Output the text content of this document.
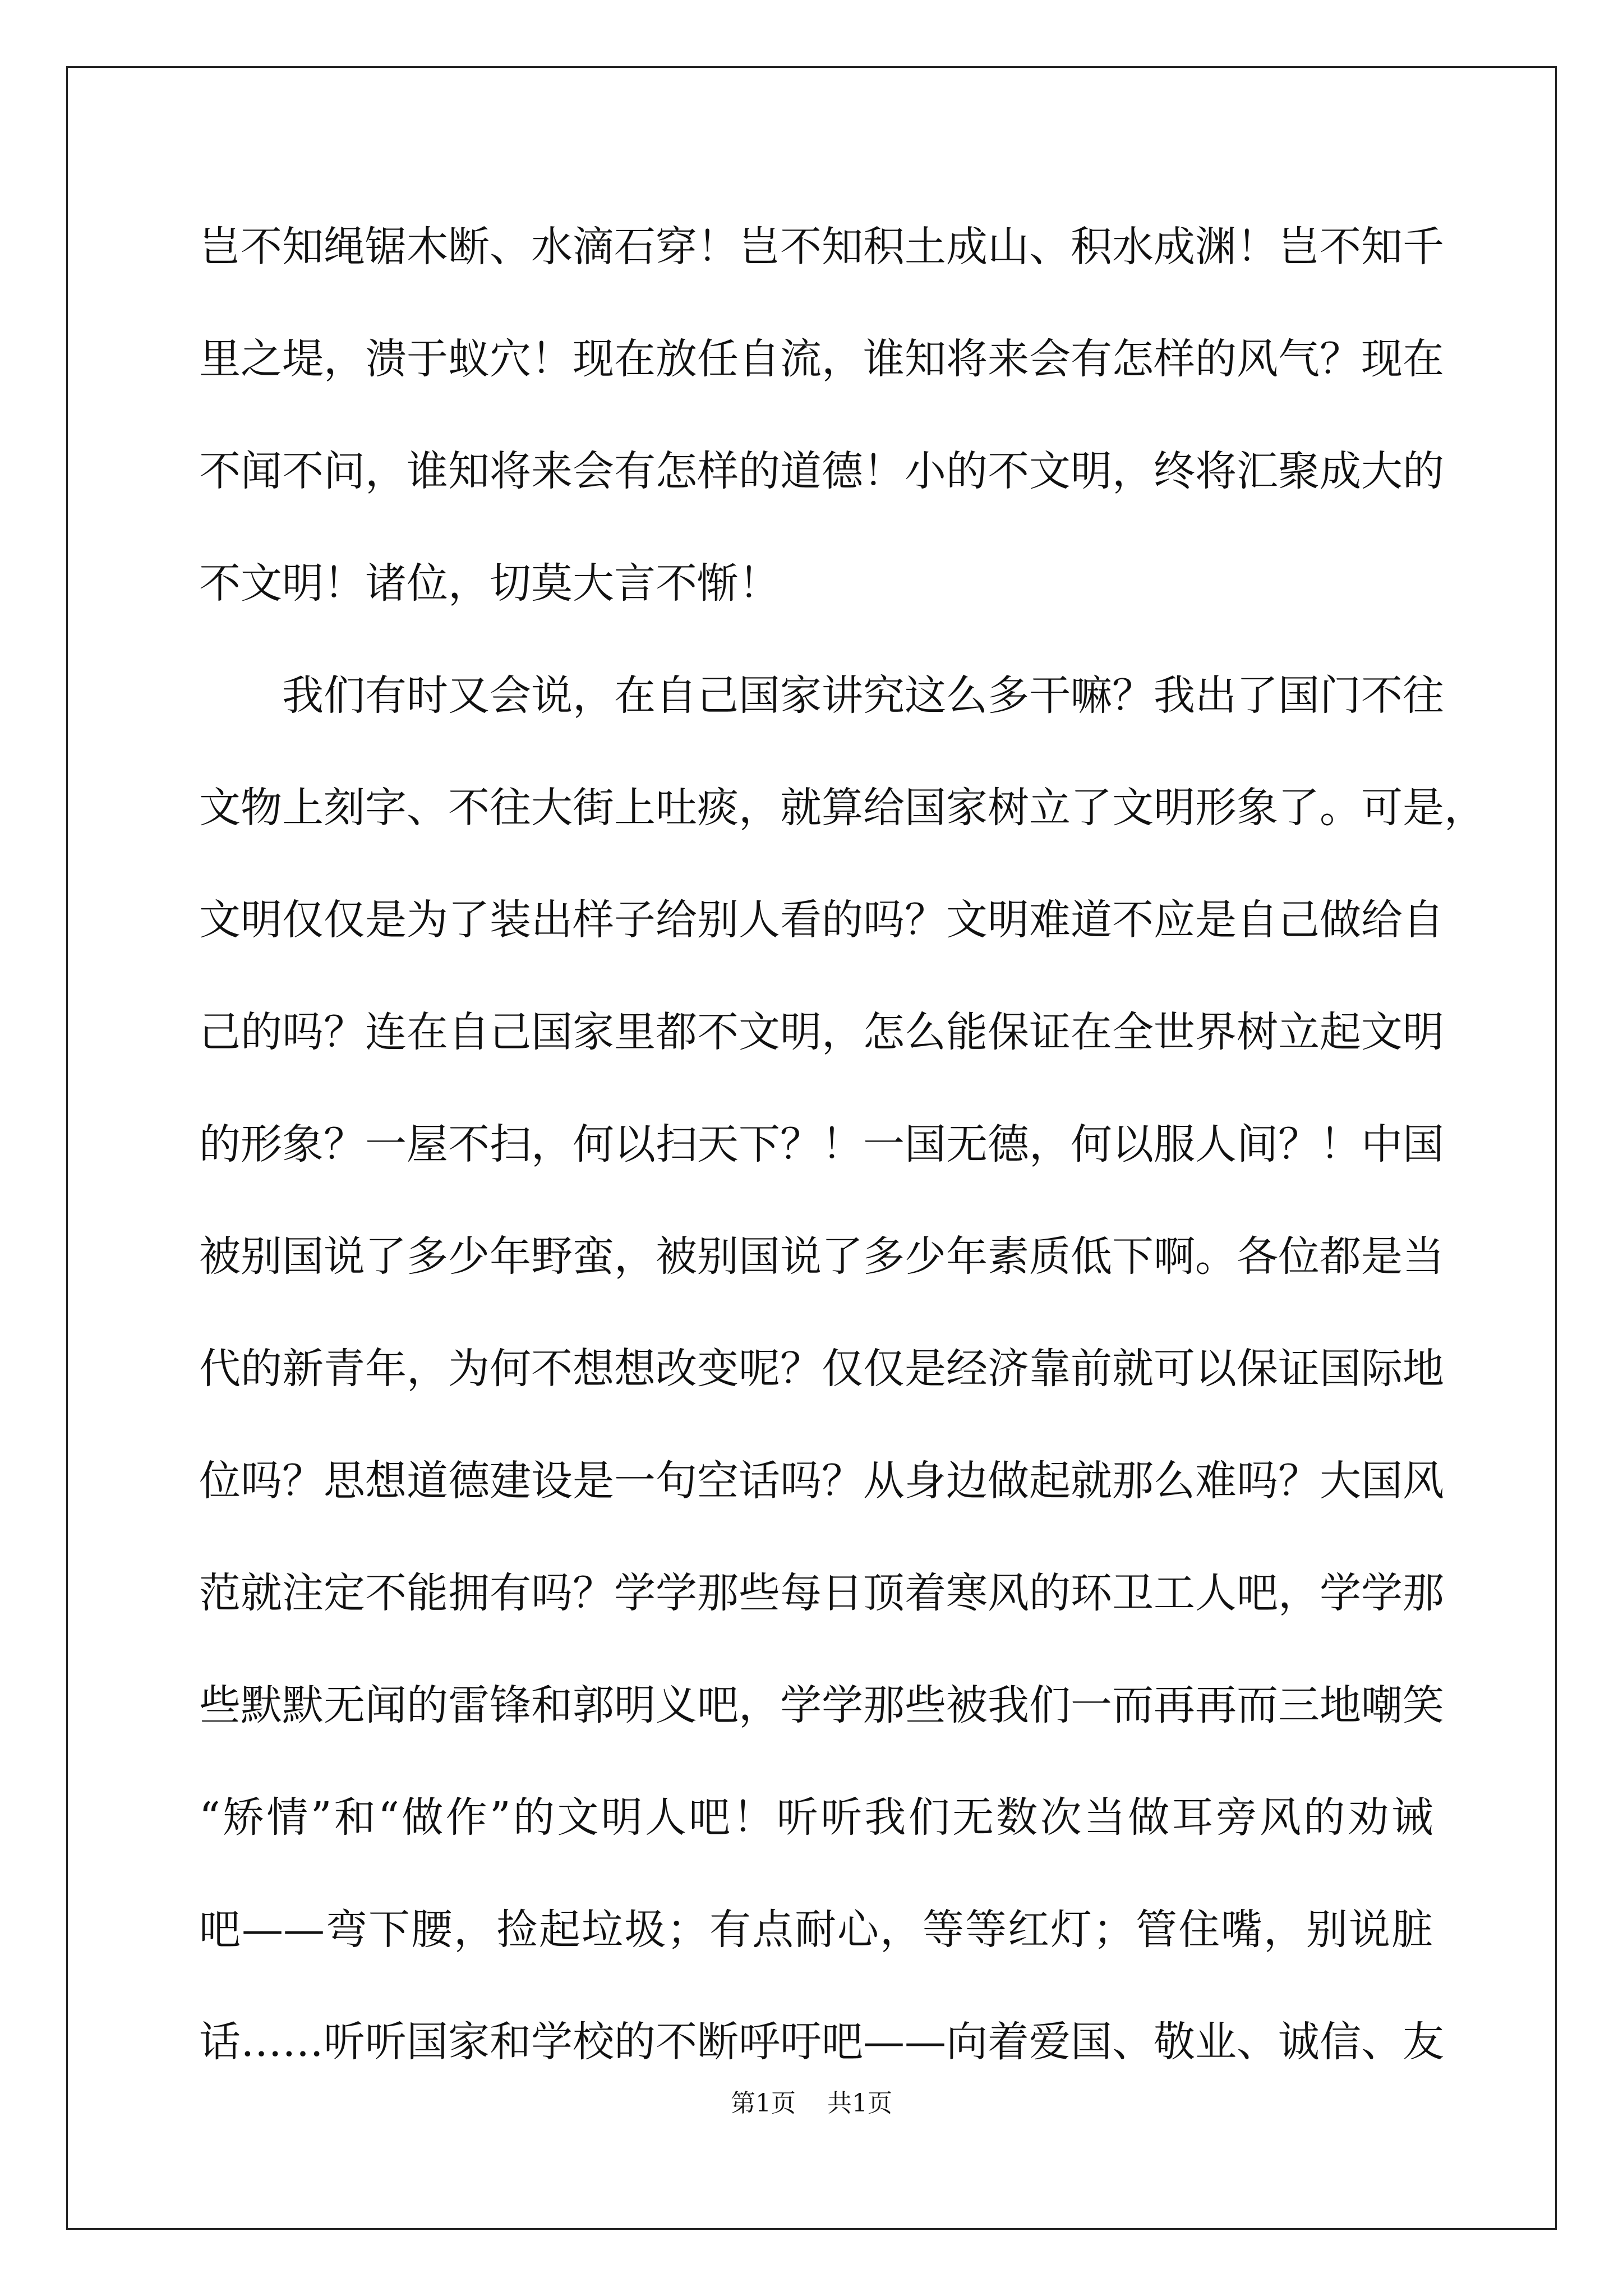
岂不知绳锯木断、水滴石穿！岂不知积土成山、积水成渊！岂不知千
里之堤，溃于蚁穴！现在放任自流，谁知将来会有怎样的风气？现在
不闻不问，谁知将来会有怎样的道德！小的不文明，终将汇聚成大的
不文明！诸位，切莫大言不惭！
我们有时又会说，在自己国家讲究这么多干嘛？我出了国门不往
文物上刻字、不往大街上吐痰，就算给国家树立了文明形象了。可是，
文明仅仅是为了装出样子给别人看的吗？文明难道不应是自己做给自
己的吗？连在自己国家里都不文明，怎么能保证在全世界树立起文明
的形象？一屋不扫，何以扫天下？！一国无德，何以服人间？！中国
被别国说了多少年野蛮，被别国说了多少年素质低下啊。各位都是当
代的新青年，为何不想想改变呢？仅仅是经济靠前就可以保证国际地
位吗？思想道德建设是一句空话吗？从身边做起就那么难吗？大国风
范就注定不能拥有吗？学学那些每日顶着寒风的环卫工人吧，学学那
些默默无闻的雷锋和郭明义吧，学学那些被我们一而再再而三地嘲笑
“矫情”和“做作”的文明人吧！听听我们无数次当做耳旁风的劝诫
吧——弯下腰，捡起垃圾；有点耐心，等等红灯；管住嘴，别说脏
话……听听国家和学校的不断呼吁吧——向着爱国、敬业、诚信、友
第1页 共1页
